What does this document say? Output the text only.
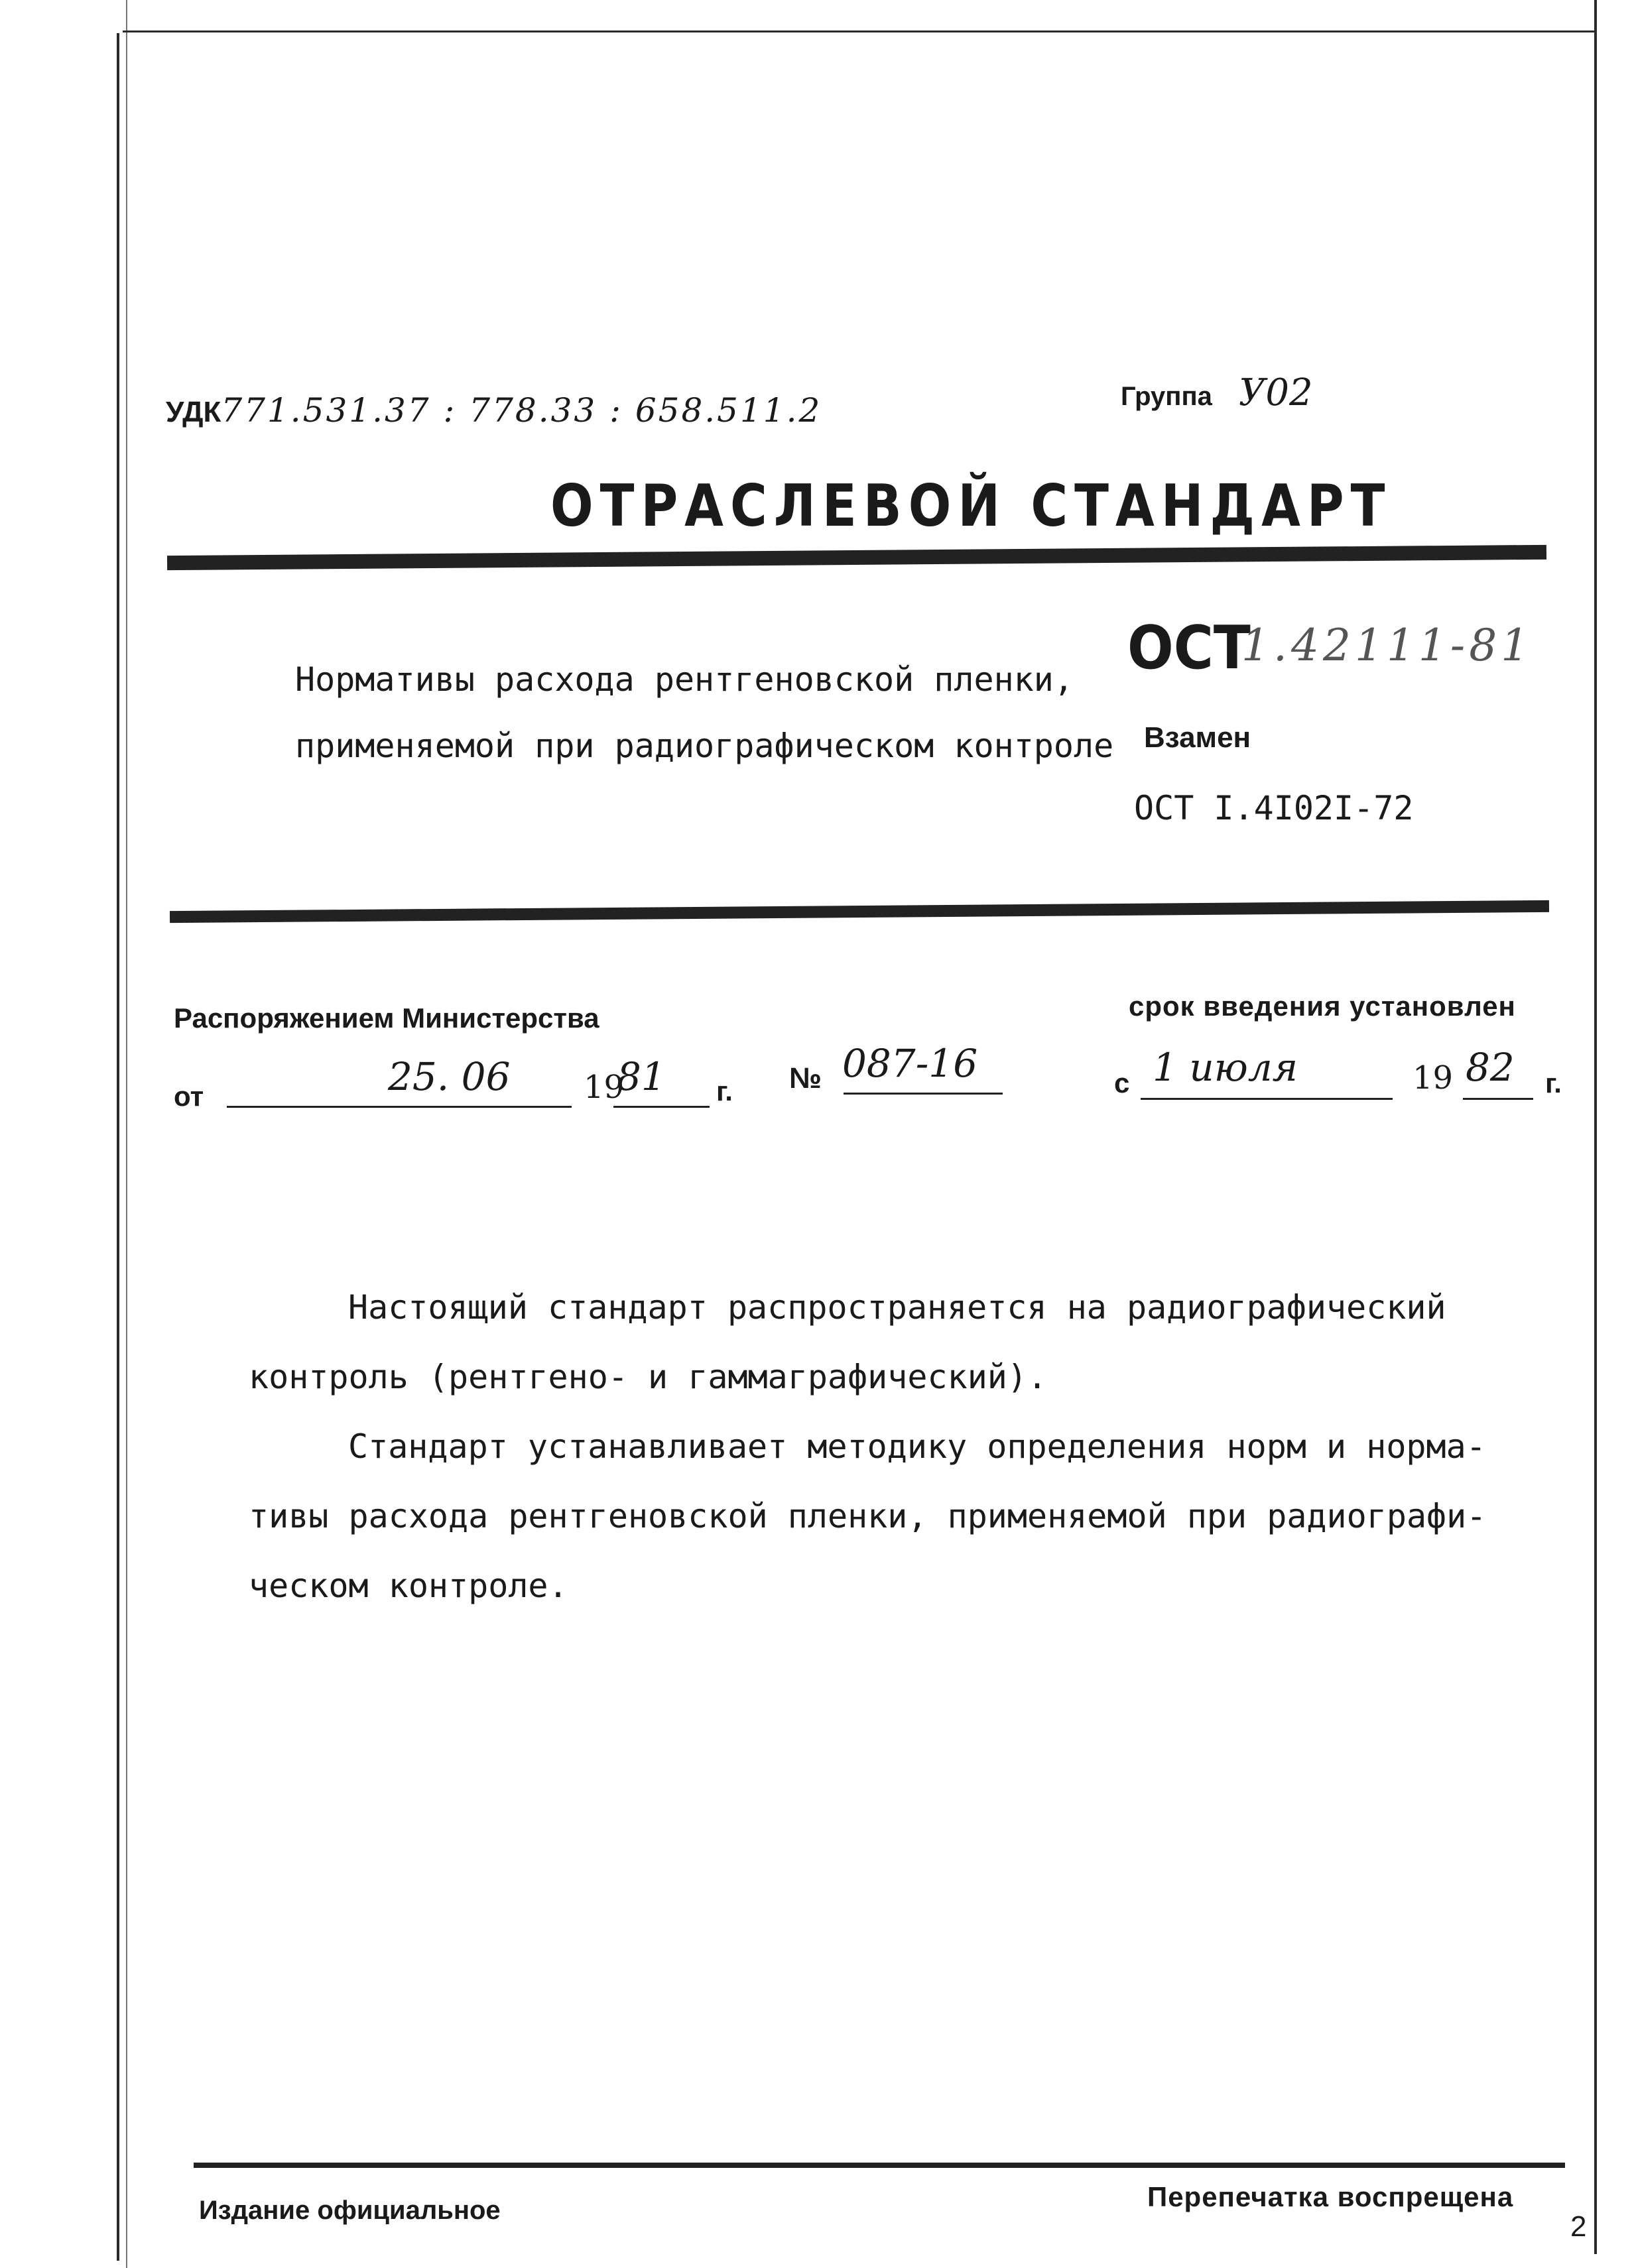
УДК771.531.37 : 778.33 : 658.511.2	Группа У02
ОТРАСЛЕВОЙ СТАНДАРТ
Нормативы расхода рентгеновской пленки,
применяемой при радиографическом контроле
ОСТ
1.42111-81
Взамен
ОСТ I.4I02I-72
Распоряжением Министерства
от	25. 06 19
81 г. № 087-16
срок введения установлен
с 1 июля	19 82 г.

Настоящий стандарт распространяется на радиографический
контроль (рентгено- и гаммаграфический).

Стандарт устанавливает методику определения норм и норма-
тивы расхода рентгеновской пленки, применяемой при радиографи-
ческом контроле.

Издание официальное	Перепечатка воспрещена
2
